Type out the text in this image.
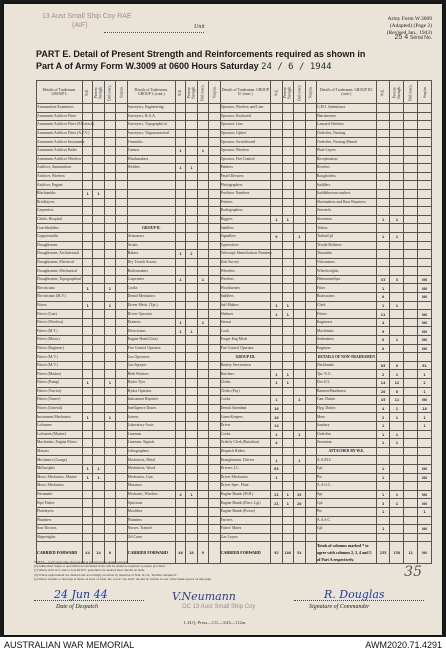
13 Aust Small Ship Coy RAE
(AIF)	Unit
Army Form W.3009
(Adapted) (Page 2)
(Revised Jan., 1943)
25 4 Serial No.
PART E. Detail of Present Strength and Reinforcements required as shown in
Part A of Army Form W.3009 at 0600 Hours Saturday 24 / 6 / 1944
Details of Tradesmen. GROUP I.	W.E.	Present Strength.	Deficiency.	Surplus.	Details of Tradesmen. GROUP I. (cont.)	W.E.	Present Strength.	Deficiency.	Surplus.	Details of Tradesmen. GROUP II. (cont.)	W.E.	Present Strength.	Deficiency.	Surplus.	Details of Tradesmen. GROUP III. (cont.)	W.E.	Present Strength.	Deficiency.	Surplus.
Ammunition Examiners					Surveyors, Engineering					Operator, Wireless and Line					G.P.O. Ambulance				
Armament Artificer Fitter					Surveyors, R.A.A.					Operator, Keyboard					Hairdressers				
Armament Artificer Fitter (Electrical)					Surveyors, Topographical					Operator, Line					Lanyard Stitchers				
Armament Artificer Fitter (A.F.V.)					Surveyors, Trigonometrical					Operator, Cipher					Orderlies, Nursing				
Armament Artificer Instrument					Tinsmiths					Operator, Switchboard					Orderlies, Nursing Mental				
Armament Artificer Radio					Turners	1		1		Operator, Wireless					Plate Layers				
Armament Artificer Wireless					Watchmakers					Operator, Fire Control					Receptionists				
Artificer, Ammunition					Welders	1	1			Painters					Riveters				
Artificer, Wireless										Pastel Dressers					Roughriders				
Artificer, Engine										Photographers					Saddlers				
Blacksmiths	1	1								Predictor Numbers					Saddlebrowns makers				
Bricklayers										Printers					Shoemakers and Boot Repairers				
Carpenters										Radiographers					Stewards				
Clerks, Hospital										Riggers	1	1			Storemen	1	1		
Coachbuilders					GROUP II.					Saddlers					Tailors				
Coppersmiths					Armourers					Signallers	9		1		TailorsCpl	1	1		
Draughtsmen					Artists					Typewriters					Textile Refitters				
Draughtsmen, Architectural					Bakers	1	2			Telescope Identification Numbers					Tinsmiths				
Draughtsmen, Electrical					Dry Trench Assists					Unit Survey					Vulcanizers				
Draughtsmen, Mechanical					Boilermakers					Wheelers					Wheelwrights				
Draughtsmen, Topographical					Carpenters	1		1		Wireless					HelmsmenSprs	33	3		NN
Electricians	1		1		Cooks					Woodturners					Fitter	1			NN
Electricians (M.V.)					Dental Mechanics					Saddlers					Boatswains	6			NN
Fitters	1		1		Driver Mech. (Tpt.)					Sail Makers	1	1			Clerk	1	1		
Fitters (Gun)					Driver Operator					Shelmer	1	1			Fitters	11			NN
Fitters (Wireless)					Drainers	1		1		Stewat					Engineers	4			NN
Fitters (M.T.)					Electricians	1	1			Cook					Machinists	9			NN
Fitters (Motor)					Engine Hand (Gun)					Forger Eng Mech					Sailmakers	8	1		NN
Fitters (Engineer)					Fire Control Operator					Fire Control Operator					Engineer	8			NN
Fitters (M.V.)					Gas Operators					GROUP III.					DETAILS OF NON-TRADESMEN				
Fitters (M.V.)					Gas Sprayer					Battery Servicemen					Deckhands	85	8		81
Fitters (Marine)					Hide Workers					Butchers	1	1			Tpr. N.G.	2	1		1
Fitters (Pump)	1		1		Hydro Tyer					Clerks	1	1			Dvr.U/L	14	12		2
Fitters (Tractor)					Hydra Operator					Clerks (Pay)					Batmen/Handimen	20	8		1
Fitters (Turner)					Instrument Repairer					Cooks	1		1		Gen. Duties	45	11		NN
Fitters (General)					Intelligence Duties					Dental Attendant	10				Hyg. Duties	4	1		10
Instrument Mechanics	1		1		Joiners					Linen Keepers	10				Mess	2	1		1
Loftsmen					Laboratory Assts					Driver	14				Sanitary	1			1
Loftsmen (Marine)					Linemen					Cooks	1		1		Orderlies	1	1		
Machinists, Engine Fitters					Linemen, Signals					Orderly Clerk (Battalion)	4				Storeman	1	1		
Masons					Lithographers					Dispatch Riders					ATTACHED BY W.E.				
Mechanics (Gauge)					Machinists, Metal					Draughtsmen, Drivers	1		1		A.A.M.C.				
Millwrights	1	1			Machinists, Wood					Drivers, I.C.	63				Cpl	1			NN
Motor Mechanics, Marine	1	1			Mechanics, Gun					Driver Mechanics	1				Pte	1			NN
Motor Mechanics					Masseurs					Driver Spec. Plant					A.A.O.C.				
Pneumatic					Mechanic, Wireless	4	1			Engine Hands (M.B.)	21	1	19		Sgt.	1	1		NN
Pipe Fitters					Opticians					Engine Hands (Elect. Lgt)	21	1	20		Cpl.	3	1		NN
Platelayers					Moulders					Engine Hands (Power)					Pte	1			1
Plumbers					Plumbers					Farriers					A.A.S.C.				
Saw Doctors					Nurses, Trained					Fitters' Mates					Cpl	1			NN
Shipwrights					Oil Curer					Gas Layers									
CARRIED FORWARD	44	14	6		CARRIED FORWARD	46	18	9		CARRIED FORWARD	92	108	54		Totals of columns marked * to agree with columns 2, 3, 4 and 5 of Part A respectively.	255	158	11	NN
NOTES—(a) If such other than person is involved give details on back.
(b) Authorised trades or specialists not included in list will be added as required to ensure provided.
(c) Where A.W.A.S. and/or A.A.M.W.S. personnel are desired show details on back.
(d) Where replacement not desired and accordingly an exists by insertion of N.R. in col. "Reinfts. Required".
(e) Where surplus or shortage is made on back of form, the words "see back" should be written in one of the blank spaces on this page.	35
24 Jun 44
Date of Despatch
V.Neumann
OC 13 Aust Small Ship Coy
R. Douglas
Signature of Commander
L.H.Q. Press—111—3/43—112m.
AUSTRALIAN WAR MEMORIAL	AWM2020.71.4291
